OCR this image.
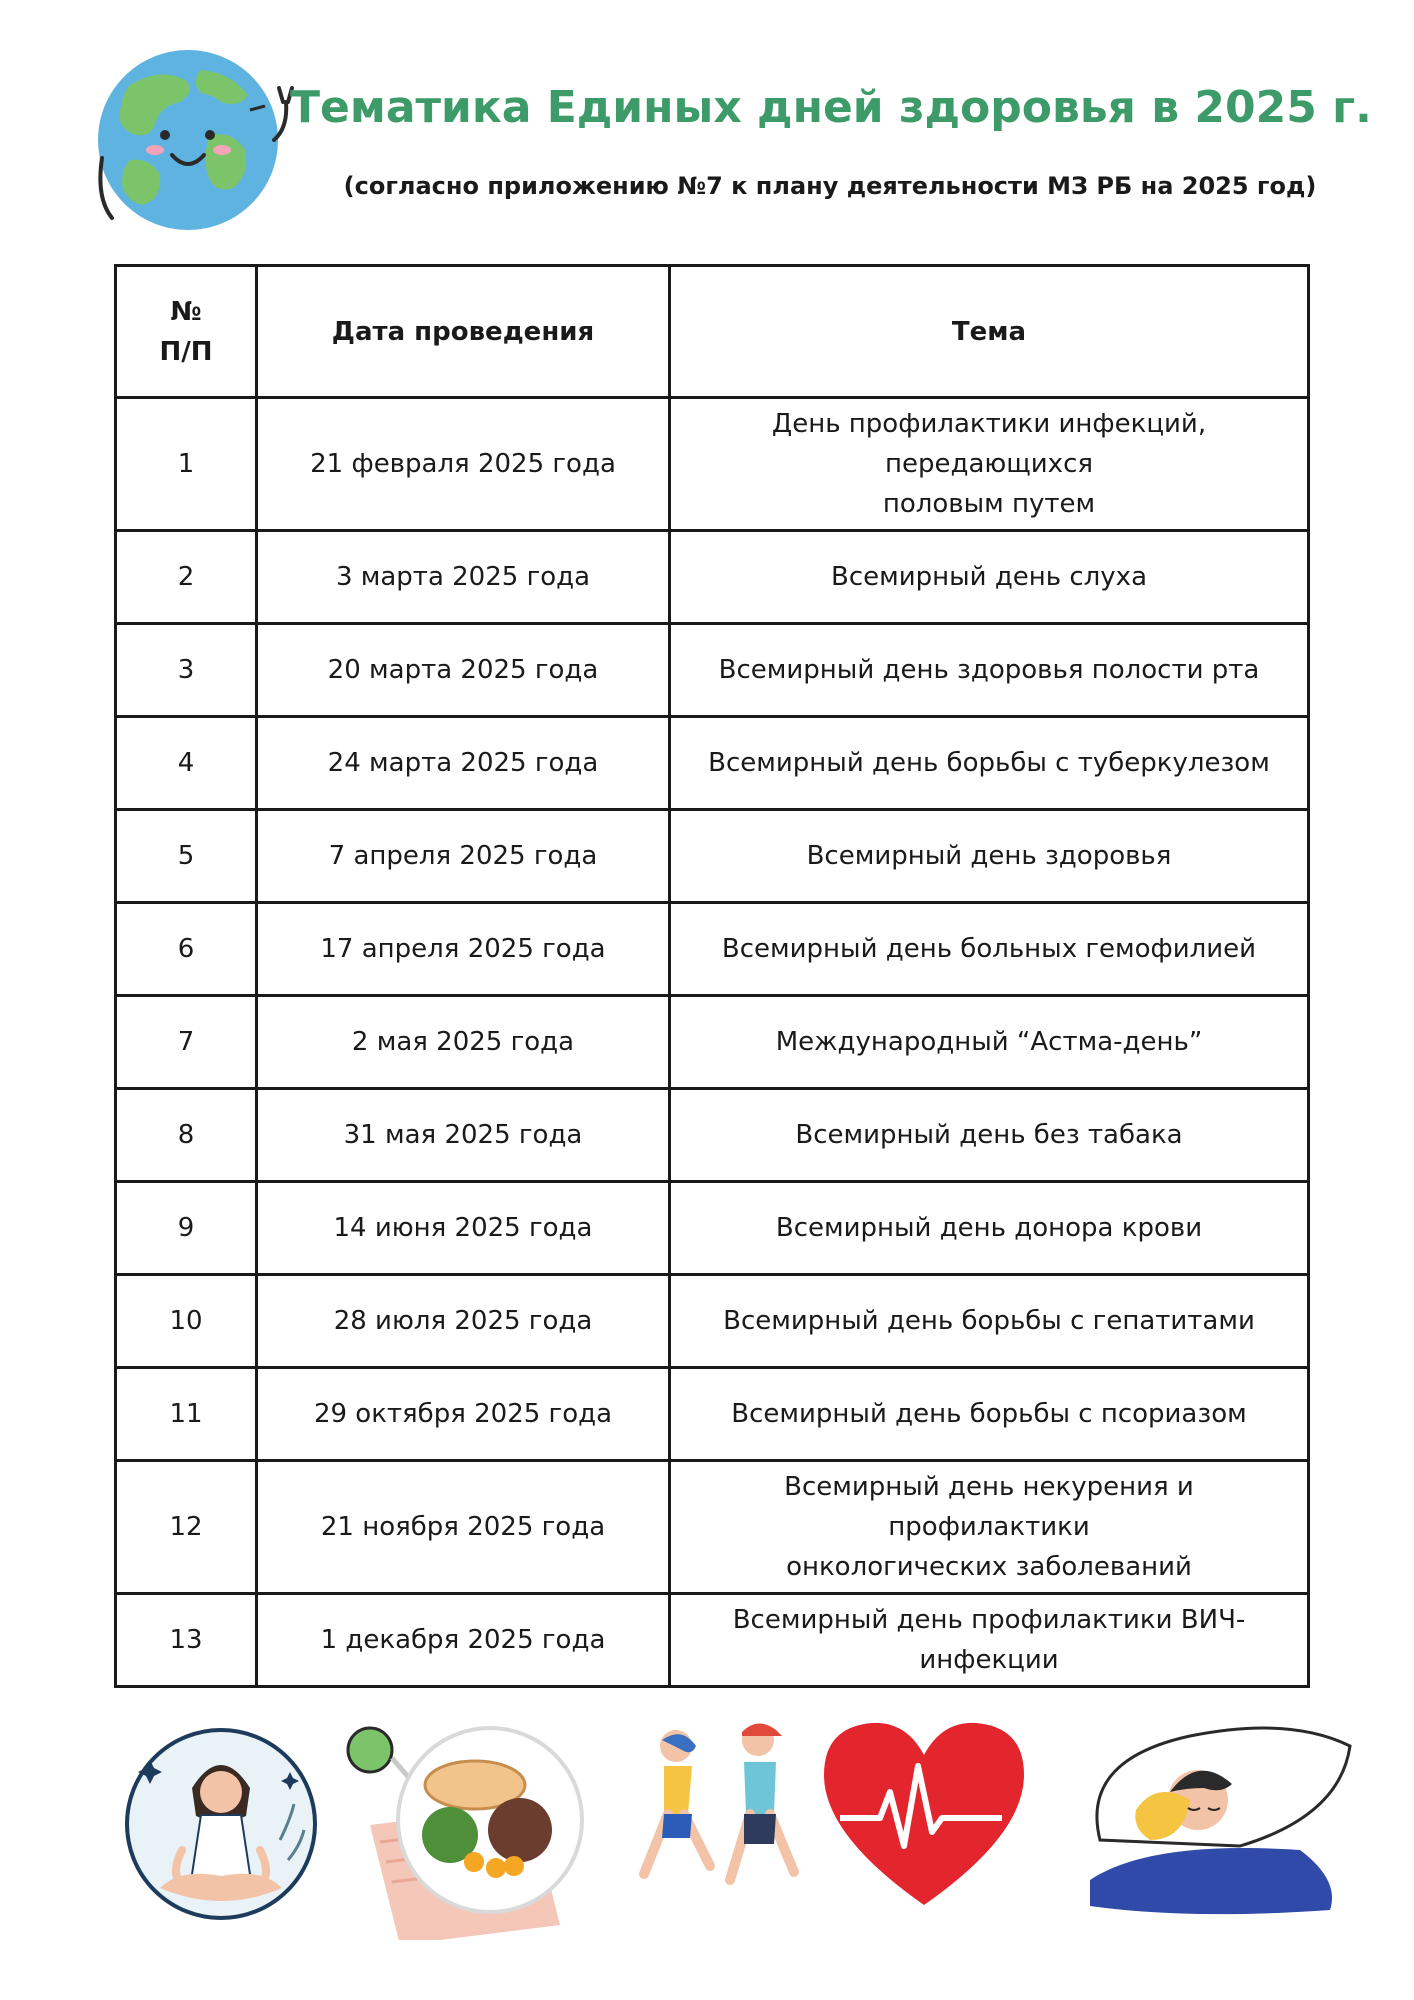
Тематика Единых дней здоровья в 2025 г.
(согласно приложению №7 к плану деятельности МЗ РБ на 2025 год)
№
П/П	Дата проведения	Тема
1	21 февраля 2025 года	День профилактики инфекций, передающихся
половым путем
2	3 марта 2025 года	Всемирный день слуха
3	20 марта 2025 года	Всемирный день здоровья полости рта
4	24 марта 2025 года	Всемирный день борьбы с туберкулезом
5	7 апреля 2025 года	Всемирный день здоровья
6	17 апреля 2025 года	Всемирный день больных гемофилией
7	2 мая 2025 года	Международный “Астма-день”
8	31 мая 2025 года	Всемирный день без табака
9	14 июня 2025 года	Всемирный день донора крови
10	28 июля 2025 года	Всемирный день борьбы с гепатитами
11	29 октября 2025 года	Всемирный день борьбы с псориазом
12	21 ноября 2025 года	Всемирный день некурения и профилактики
онкологических заболеваний
13	1 декабря 2025 года	Всемирный день профилактики ВИЧ-инфекции
